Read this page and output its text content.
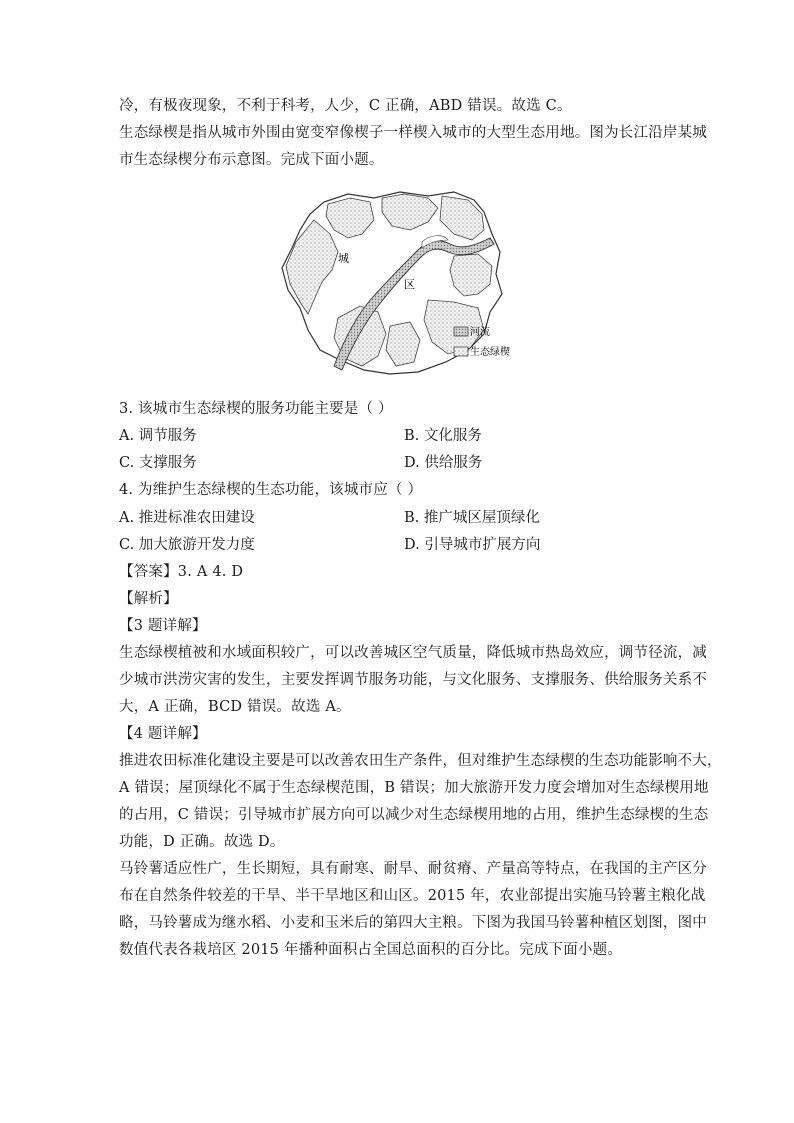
冷，有极夜现象，不利于科考，人少，C 正确，ABD 错误。故选 C。
生态绿楔是指从城市外围由宽变窄像楔子一样楔入城市的大型生态用地。图为长江沿岸某城
市生态绿楔分布示意图。完成下面小题。
城
区
河流
生态绿楔
3. 该城市生态绿楔的服务功能主要是（ ）
A. 调节服务	B. 文化服务
C. 支撑服务	D. 供给服务
4. 为维护生态绿楔的生态功能，该城市应（ ）
A. 推进标准农田建设	B. 推广城区屋顶绿化
C. 加大旅游开发力度	D. 引导城市扩展方向
【答案】3. A 4. D
【解析】
【3 题详解】
生态绿楔植被和水域面积较广，可以改善城区空气质量，降低城市热岛效应，调节径流，减
少城市洪涝灾害的发生，主要发挥调节服务功能，与文化服务、支撑服务、供给服务关系不
大，A 正确，BCD 错误。故选 A。
【4 题详解】
推进农田标准化建设主要是可以改善农田生产条件，但对维护生态绿楔的生态功能影响不大，
A 错误；屋顶绿化不属于生态绿楔范围，B 错误；加大旅游开发力度会增加对生态绿楔用地
的占用，C 错误；引导城市扩展方向可以减少对生态绿楔用地的占用，维护生态绿楔的生态
功能，D 正确。故选 D。
马铃薯适应性广，生长期短，具有耐寒、耐旱、耐贫瘠、产量高等特点，在我国的主产区分
布在自然条件较差的干旱、半干旱地区和山区。2015 年，农业部提出实施马铃薯主粮化战
略，马铃薯成为继水稻、小麦和玉米后的第四大主粮。下图为我国马铃薯种植区划图，图中
数值代表各栽培区 2015 年播种面积占全国总面积的百分比。完成下面小题。
